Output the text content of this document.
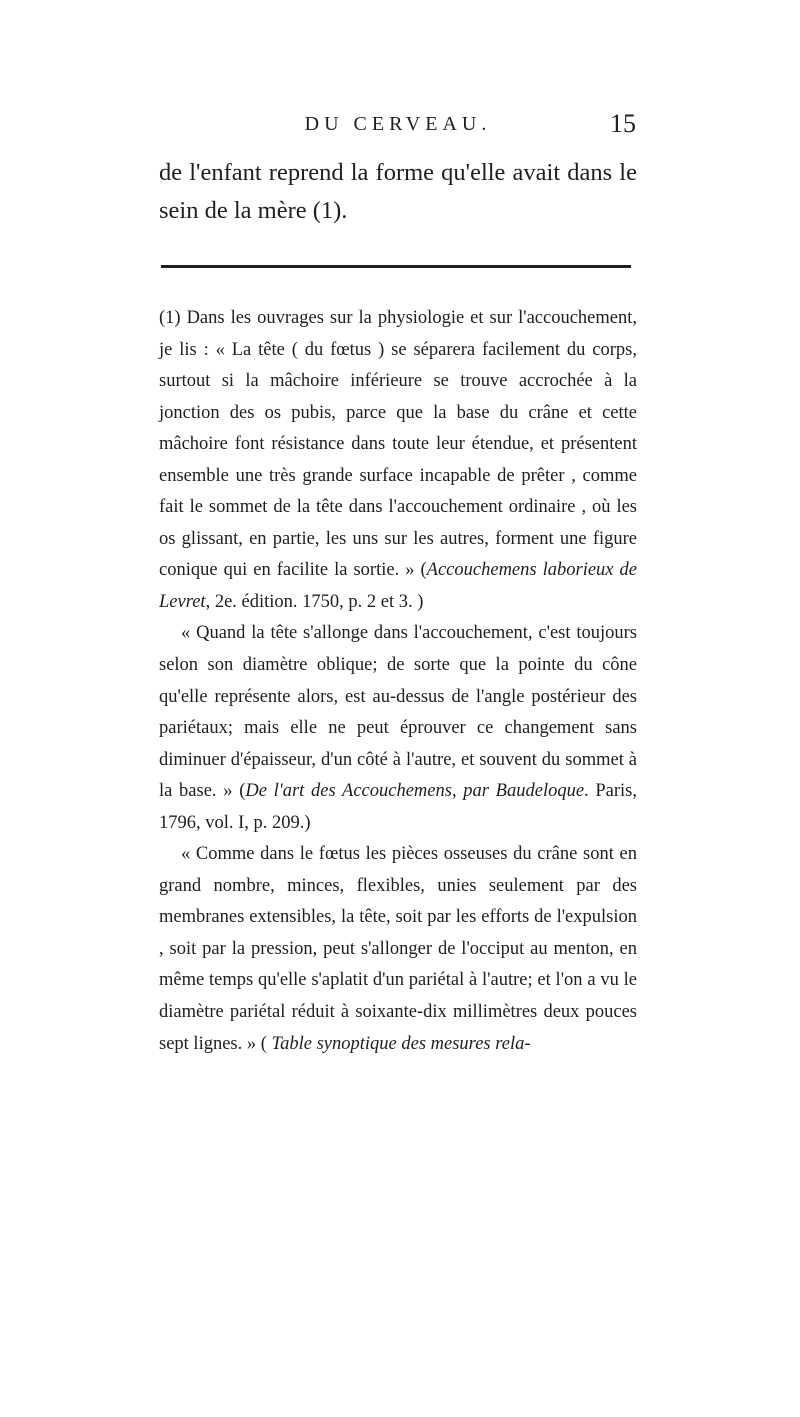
DU CERVEAU.	15

de l'enfant reprend la forme qu'elle avait dans le sein de la mère (1).

(1) Dans les ouvrages sur la physiologie et sur l'accouchement, je lis : « La tête ( du fœtus ) se séparera facilement du corps, surtout si la mâchoire inférieure se trouve accrochée à la jonction des os pubis, parce que la base du crâne et cette mâchoire font résistance dans toute leur étendue, et présentent ensemble une très grande surface incapable de prêter , comme fait le sommet de la tête dans l'accouchement ordinaire , où les os glissant, en partie, les uns sur les autres, forment une figure conique qui en facilite la sortie. » (Accouchemens laborieux de Levret, 2e. édition. 1750, p. 2 et 3. )
« Quand la tête s'allonge dans l'accouchement, c'est toujours selon son diamètre oblique; de sorte que la pointe du cône qu'elle représente alors, est au-dessus de l'angle postérieur des pariétaux; mais elle ne peut éprouver ce changement sans diminuer d'épaisseur, d'un côté à l'autre, et souvent du sommet à la base. » (De l'art des Accouchemens, par Baudeloque. Paris, 1796, vol. I, p. 209.)
« Comme dans le fœtus les pièces osseuses du crâne sont en grand nombre, minces, flexibles, unies seulement par des membranes extensibles, la tête, soit par les efforts de l'expulsion , soit par la pression, peut s'allonger de l'occiput au menton, en même temps qu'elle s'aplatit d'un pariétal à l'autre; et l'on a vu le diamètre pariétal réduit à soixante-dix millimètres deux pouces sept lignes. » ( Table synoptique des mesures rela-
